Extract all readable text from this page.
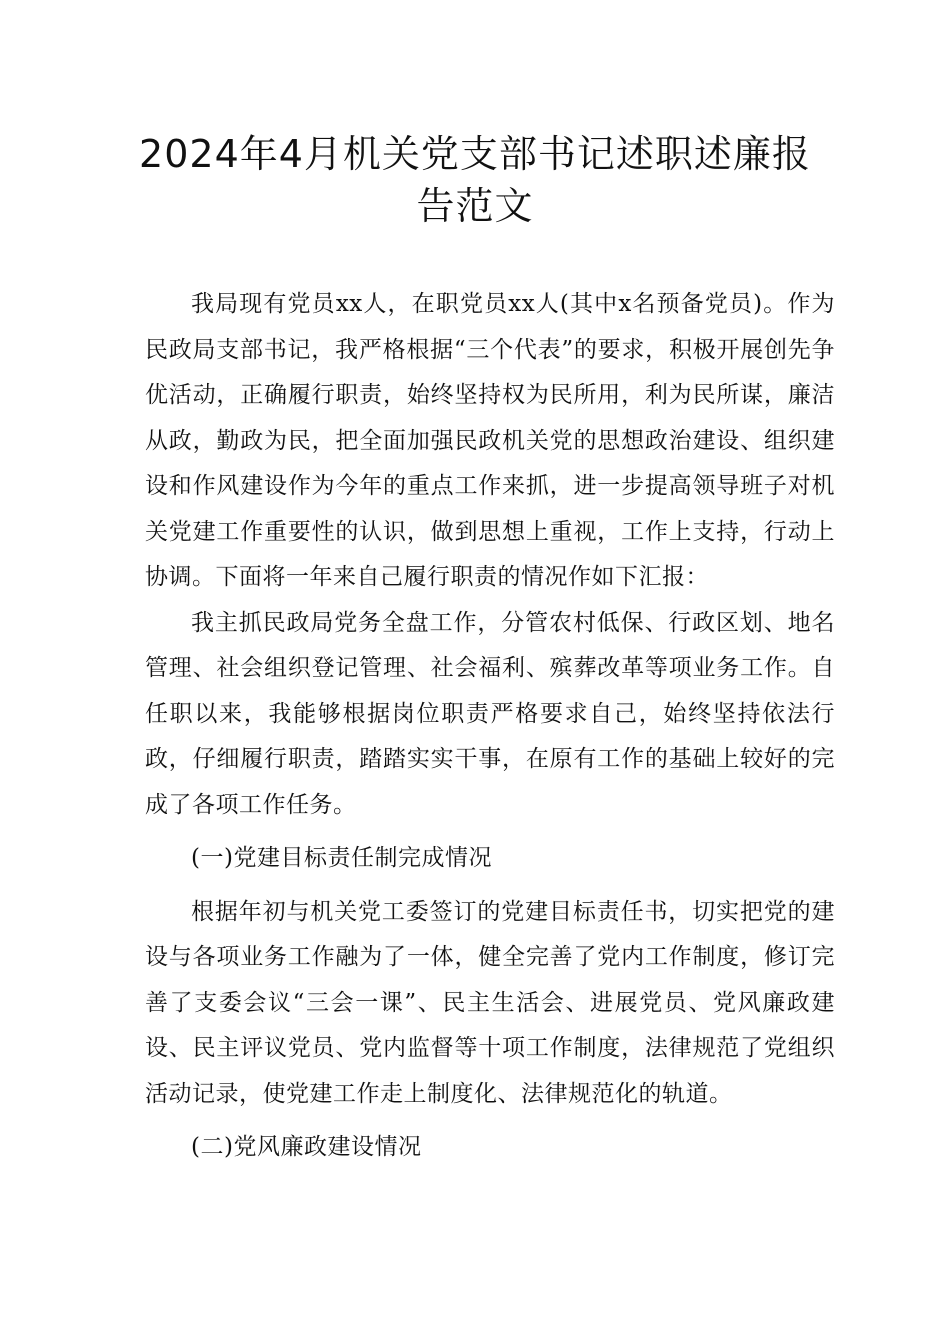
2024年4月机关党支部书记述职述廉报告范文

我局现有党员xx人，在职党员xx人(其中x名预备党员)。作为民政局支部书记，我严格根据“三个代表”的要求，积极开展创先争优活动，正确履行职责，始终坚持权为民所用，利为民所谋，廉洁从政，勤政为民，把全面加强民政机关党的思想政治建设、组织建设和作风建设作为今年的重点工作来抓，进一步提高领导班子对机关党建工作重要性的认识，做到思想上重视，工作上支持，行动上协调。下面将一年来自己履行职责的情况作如下汇报：

我主抓民政局党务全盘工作，分管农村低保、行政区划、地名管理、社会组织登记管理、社会福利、殡葬改革等项业务工作。自任职以来，我能够根据岗位职责严格要求自己，始终坚持依法行政，仔细履行职责，踏踏实实干事，在原有工作的基础上较好的完成了各项工作任务。

(一)党建目标责任制完成情况

根据年初与机关党工委签订的党建目标责任书，切实把党的建设与各项业务工作融为了一体，健全完善了党内工作制度，修订完善了支委会议“三会一课”、民主生活会、进展党员、党风廉政建设、民主评议党员、党内监督等十项工作制度，法律规范了党组织活动记录，使党建工作走上制度化、法律规范化的轨道。

(二)党风廉政建设情况
